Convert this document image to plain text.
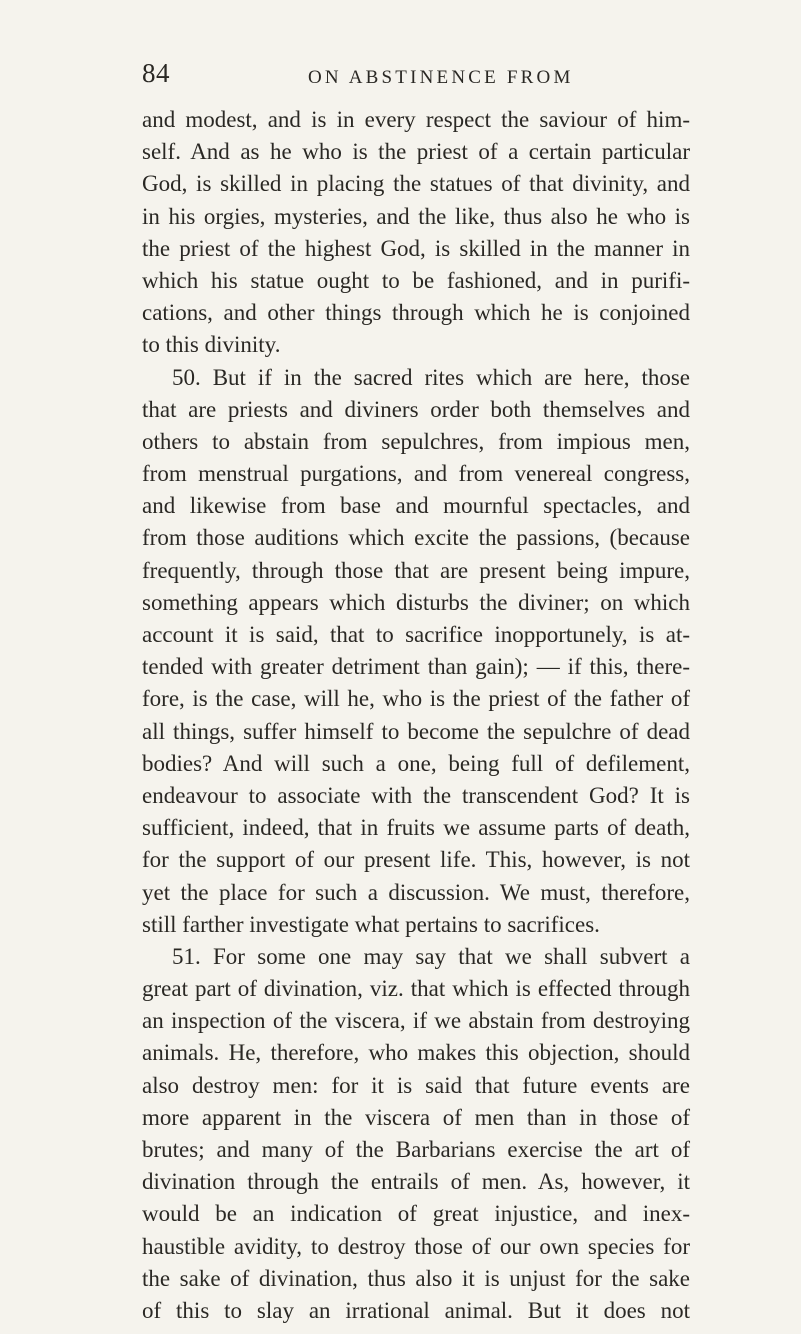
84	ON ABSTINENCE FROM
and modest, and is in every respect the saviour of him-
self. And as he who is the priest of a certain particular
God, is skilled in placing the statues of that divinity, and
in his orgies, mysteries, and the like, thus also he who is
the priest of the highest God, is skilled in the manner in
which his statue ought to be fashioned, and in purifi-
cations, and other things through which he is conjoined
to this divinity.
50. But if in the sacred rites which are here, those
that are priests and diviners order both themselves and
others to abstain from sepulchres, from impious men,
from menstrual purgations, and from venereal congress,
and likewise from base and mournful spectacles, and
from those auditions which excite the passions, (because
frequently, through those that are present being impure,
something appears which disturbs the diviner; on which
account it is said, that to sacrifice inopportunely, is at-
tended with greater detriment than gain); — if this, there-
fore, is the case, will he, who is the priest of the father of
all things, suffer himself to become the sepulchre of dead
bodies? And will such a one, being full of defilement,
endeavour to associate with the transcendent God? It is
sufficient, indeed, that in fruits we assume parts of death,
for the support of our present life. This, however, is not
yet the place for such a discussion. We must, therefore,
still farther investigate what pertains to sacrifices.
51. For some one may say that we shall subvert a
great part of divination, viz. that which is effected through
an inspection of the viscera, if we abstain from destroying
animals. He, therefore, who makes this objection, should
also destroy men: for it is said that future events are
more apparent in the viscera of men than in those of
brutes; and many of the Barbarians exercise the art of
divination through the entrails of men. As, however, it
would be an indication of great injustice, and inex-
haustible avidity, to destroy those of our own species for
the sake of divination, thus also it is unjust for the sake
of this to slay an irrational animal. But it does not
